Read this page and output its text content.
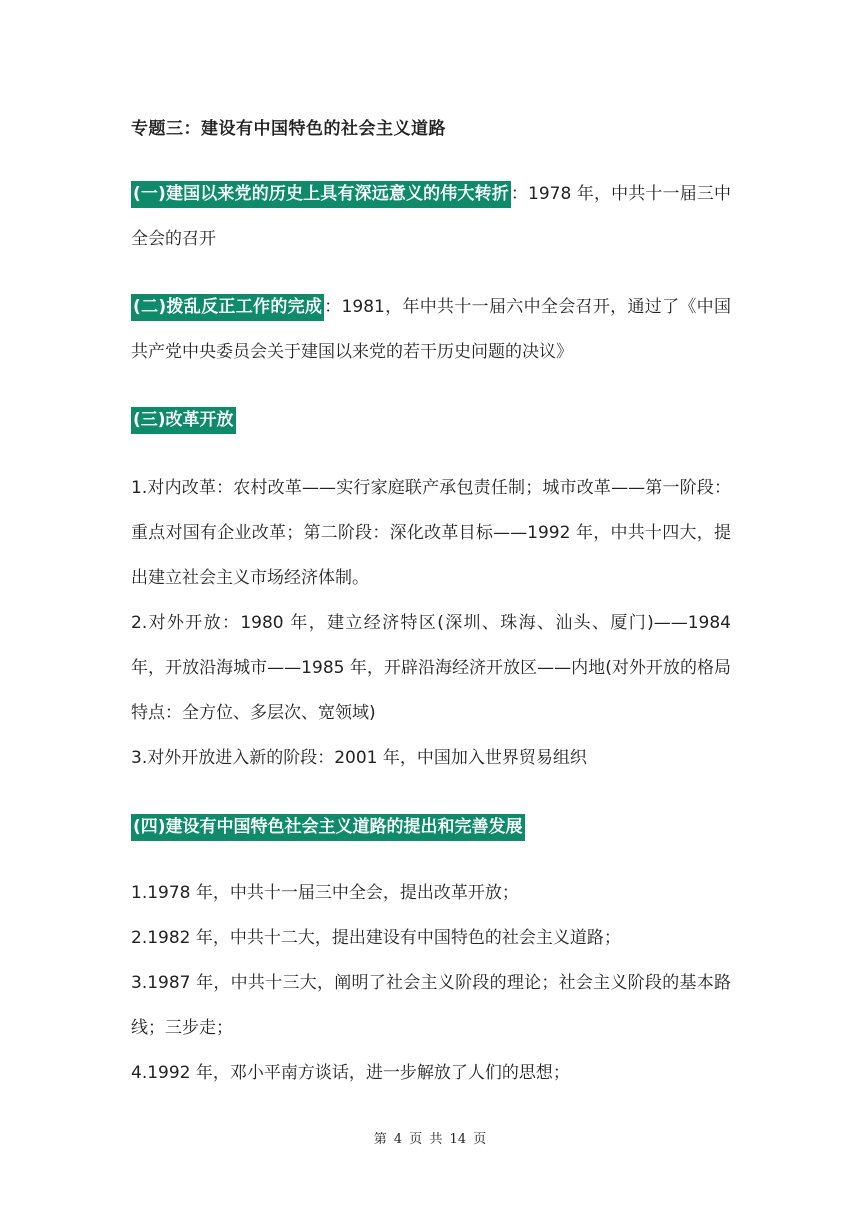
专题三：建设有中国特色的社会主义道路
(一)建国以来党的历史上具有深远意义的伟大转折 ：1978 年，中共十一届三中全会的召开
(二)拨乱反正工作的完成 ：1981，年中共十一届六中全会召开，通过了《中国共产党中央委员会关于建国以来党的若干历史问题的决议》
(三)改革开放
1.对内改革：农村改革——实行家庭联产承包责任制；城市改革——第一阶段：重点对国有企业改革；第二阶段：深化改革目标——1992 年，中共十四大，提出建立社会主义市场经济体制。
2.对外开放：1980 年，建立经济特区(深圳、珠海、汕头、厦门)——1984 年，开放沿海城市——1985 年，开辟沿海经济开放区——内地(对外开放的格局特点：全方位、多层次、宽领域)
3.对外开放进入新的阶段：2001 年，中国加入世界贸易组织
(四)建设有中国特色社会主义道路的提出和完善发展
1.1978 年，中共十一届三中全会，提出改革开放；
2.1982 年，中共十二大，提出建设有中国特色的社会主义道路；
3.1987 年，中共十三大，阐明了社会主义阶段的理论；社会主义阶段的基本路线；三步走；
4.1992 年，邓小平南方谈话，进一步解放了人们的思想；
第 4 页 共 14 页
